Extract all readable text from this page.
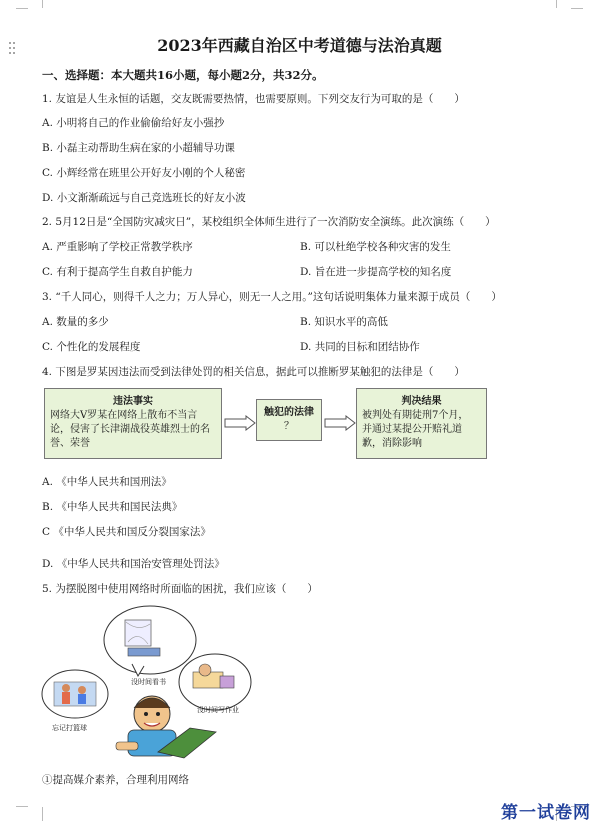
2023年西藏自治区中考道德与法治真题
一、选择题：本大题共16小题，每小题2分，共32分。
1. 友谊是人生永恒的话题，交友既需要热情，也需要原则。下列交友行为可取的是（　　）
A. 小明将自己的作业偷偷给好友小强抄
B. 小磊主动帮助生病在家的小超辅导功课
C. 小辉经常在班里公开好友小刚的个人秘密
D. 小文渐渐疏远与自己竞选班长的好友小波
2. 5月12日是“全国防灾减灾日”，某校组织全体师生进行了一次消防安全演练。此次演练（　　）
A. 严重影响了学校正常教学秩序	B. 可以杜绝学校各种灾害的发生
C. 有利于提高学生自救自护能力	D. 旨在进一步提高学校的知名度
3. “千人同心，则得千人之力；万人异心，则无一人之用。”这句话说明集体力量来源于成员（　　）
A. 数量的多少	B. 知识水平的高低
C. 个性化的发展程度	D. 共同的目标和团结协作
4. 下图是罗某因违法而受到法律处罚的相关信息，据此可以推断罗某触犯的法律是（　　）
违法事实
网络大V罗某在网络上散布不当言
论，侵害了长津湖战役英雄烈士的名
誉、荣誉
触犯的法律
？
判决结果
被判处有期徒刑7个月，
并通过某提公开赔礼道
歉，消除影响
A. 《中华人民共和国刑法》
B. 《中华人民共和国民法典》
C 《中华人民共和国反分裂国家法》
D. 《中华人民共和国治安管理处罚法》
5. 为摆脱图中使用网络时所面临的困扰，我们应该（　　）
没时间看书
没时间写作业
忘记打篮球
①提高媒介素养，合理利用网络
第一试卷网
